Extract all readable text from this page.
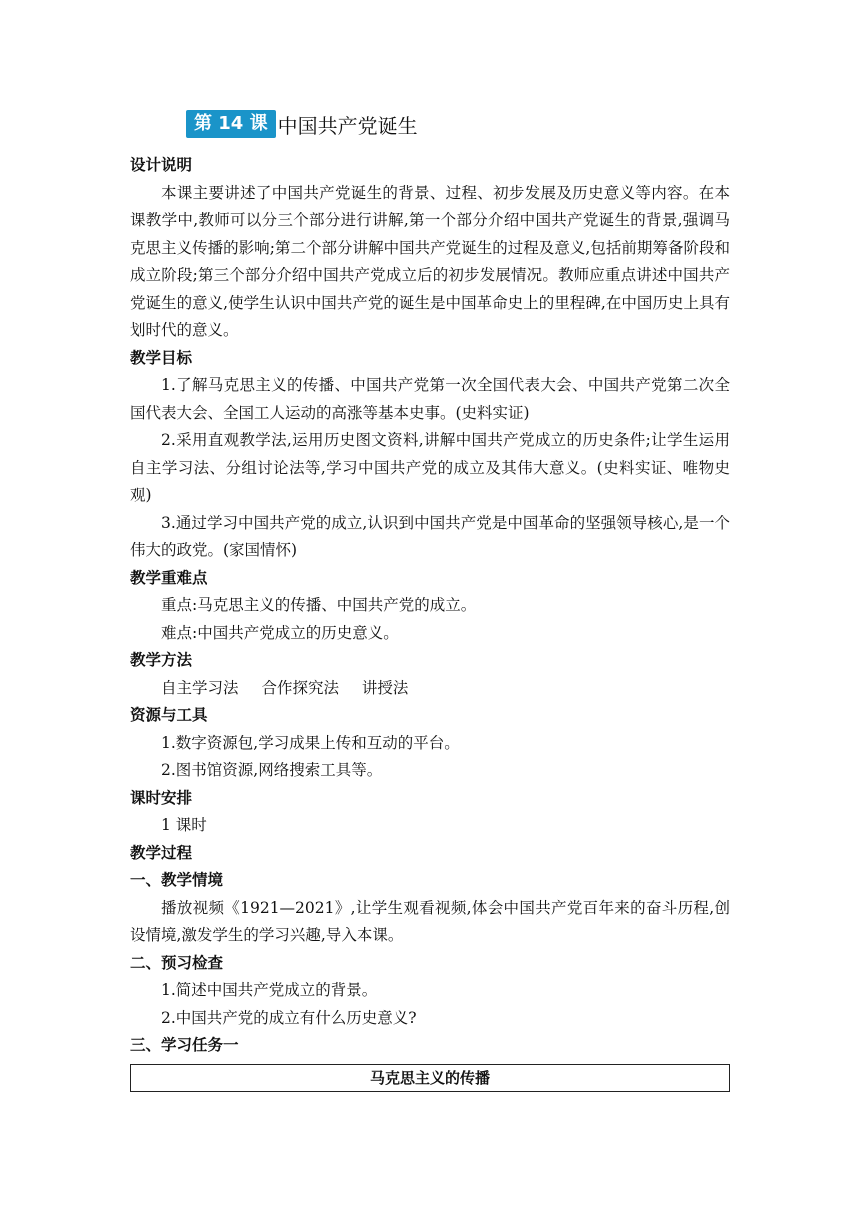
第 14 课 中国共产党诞生
设计说明
本课主要讲述了中国共产党诞生的背景、过程、初步发展及历史意义等内容。在本课教学中,教师可以分三个部分进行讲解,第一个部分介绍中国共产党诞生的背景,强调马克思主义传播的影响;第二个部分讲解中国共产党诞生的过程及意义,包括前期筹备阶段和成立阶段;第三个部分介绍中国共产党成立后的初步发展情况。教师应重点讲述中国共产党诞生的意义,使学生认识中国共产党的诞生是中国革命史上的里程碑,在中国历史上具有划时代的意义。
教学目标
1.了解马克思主义的传播、中国共产党第一次全国代表大会、中国共产党第二次全国代表大会、全国工人运动的高涨等基本史事。(史料实证)
2.采用直观教学法,运用历史图文资料,讲解中国共产党成立的历史条件;让学生运用自主学习法、分组讨论法等,学习中国共产党的成立及其伟大意义。(史料实证、唯物史观)
3.通过学习中国共产党的成立,认识到中国共产党是中国革命的坚强领导核心,是一个伟大的政党。(家国情怀)
教学重难点
重点:马克思主义的传播、中国共产党的成立。
难点:中国共产党成立的历史意义。
教学方法
自主学习法 合作探究法 讲授法
资源与工具
1.数字资源包,学习成果上传和互动的平台。
2.图书馆资源,网络搜索工具等。
课时安排
1 课时
教学过程
一、教学情境
播放视频《1921—2021》,让学生观看视频,体会中国共产党百年来的奋斗历程,创设情境,激发学生的学习兴趣,导入本课。
二、预习检查
1.简述中国共产党成立的背景。
2.中国共产党的成立有什么历史意义?
三、学习任务一
马克思主义的传播
